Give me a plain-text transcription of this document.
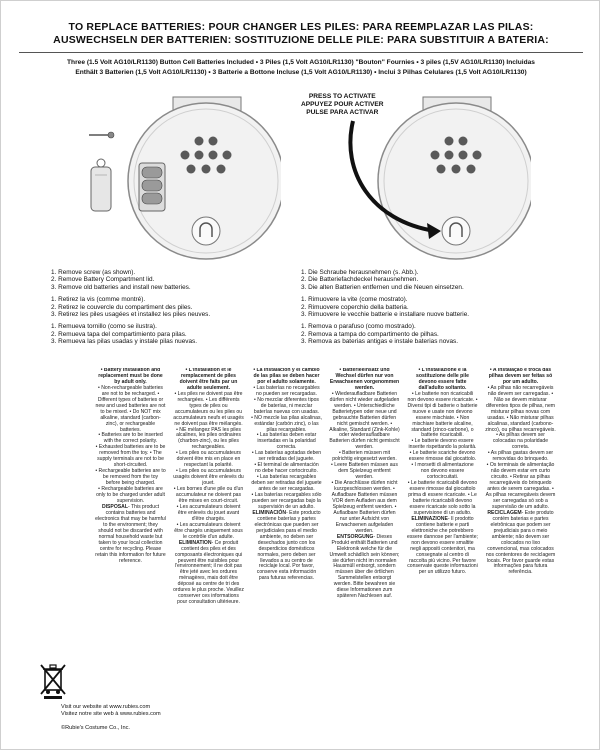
TO REPLACE BATTERIES: POUR CHANGER LES PILES: PARA REEMPLAZAR LAS PILAS:
AUSWECHSELN DER BATTERIEN: SOSTITUZIONE DELLE PILE: PARA SUBSTITUIR A BATERIA:
Three (1.5 Volt AG10/LR1130) Button Cell Batteries Included • 3 Piles (1,5 Volt AG10/LR1130) "Bouton" Fournies • 3 piles (1,5V AG10/LR1130) Incluidas
Enthält 3 Batterien (1,5 Volt AG10/LR1130) • 3 Batterie a Bottone Incluse (1,5 Volt AG10/LR1130) • Inclui 3 Pilhas Celulares (1,5 Volt AG10/LR1130)
PRESS TO ACTIVATE
APPUYEZ POUR ACTIVER
PULSE PARA ACTIVAR
1. Remove screw (as shown).
2. Remove Battery Compartment lid.
3. Remove old batteries and install new batteries.
1. Retirez la vis (comme montré).
2. Retirez le couvercle du compartiment des piles.
3. Retirez les piles usagées et installez les piles neuves.
1. Remueva tornillo (como se ilustra).
2. Remueva tapa del compartimiento para pilas.
3. Remueva las pilas usadas y instale pilas nuevas.
1. Die Schraube herausnehmen (s. Abb.).
2. Die Batteriefachdeckel herausnehmen.
3. Die alten Batterien entfernen und die Neuen einsetzen.
1. Rimuovere la vite (come mostrato).
2. Rimuovere coperchio della batteria.
3. Rimuovere le vecchie batterie e installare nuove batterie.
1. Remova o parafuso (como mostrado).
2. Remova a tampa do compartimento de pilhas.
3. Remova as baterias antigas e instale baterias novas.
• Battery Installation and replacement must be done by adult only.
• Non-rechargeable batteries are not to be recharged. • Different types of batteries or new and used batteries are not to be mixed. • Do NOT mix alkaline, standard (carbon-zinc), or rechargeable batteries.
• Batteries are to be inserted with the correct polarity.
• Exhausted batteries are to be removed from the toy. • The supply terminals are not to be short-circuited.
• Rechargeable batteries are to be removed from the toy before being charged.
• Rechargeable batteries are only to be charged under adult supervision.
DISPOSAL- This product contains batteries and electronics that may be harmful to the environment; they should not be discarded with normal household waste but taken to your local collection centre for recycling. Please retain this information for future reference.
• L'installation et le remplacement de piles doivent être faits par un adulte seulement.
• Les piles ne doivent pas être rechargées. • Les différents types de piles ou accumulateurs ou les piles ou accumulateurs neufs et usagés ne doivent pas être mélangés. • NE mélangez PAS les piles alcalines, les piles ordinaires (charbon-zinc), ou les piles rechargeables.
• Les piles ou accumulateurs doivent être mis en place en respectant la polarité.
• Les piles ou accumulateurs usagés doivent être enlevés du jouet.
• Les bornes d'une pile ou d'un accumulateur ne doivent pas être mises en court-circuit.
• Les accumulateurs doivent être enlevés du jouet avant d'être chargés.
• Les accumulateurs doivent être chargés uniquement sous le contrôle d'un adulte.
ELIMINATION- Ce produit contient des piles et des composants électroniques qui peuvent être nuisibles pour l'environnement; il ne doit pas être jeté avec les ordures ménagères, mais doit être déposé au centre de tri des ordures le plus proche. Veuillez conserver ces informations pour consultation ultérieure.
• La instalación y el cambio de las pilas se deben hacer por el adulto solamente.
• Las baterías no recargables no pueden ser recargadas.
• No mezclar diferentes tipos de baterías, ni mezclar baterías nuevas con usadas.
• NO mezcle las pilas alcalinas, estándar (carbón zinc), o las pilas recargables.
• Las baterías deben estar insertadas en la polaridad correcta.
• Las baterías agotadas deben ser retiradas del juguete.
• El terminal de alimentación no debe hacer cortocircuito.
• Las baterías recargables deben ser retiradas del juguete antes de ser recargadas.
• Las baterías recargables sólo pueden ser recargadas bajo la supervisión de un adulto.
ELIMINACIÓN- Este producto contiene baterías y partes electrónicas que pueden ser perjudiciales para el medio ambiente, no deben ser desechados junto con los desperdicios domésticos normales, pero deben ser llevados a su centro de reciclaje local. Por favor, conserve esta información para futuras referencias.
• Batterieeinsatz und Wechsel dürfen nur von Erwachsenen vorgenommen werden.
• Wiederaufladbare Batterien dürfen nicht wieder aufgeladen werden. • Unterschiedliche Batterietypen oder neue und gebrauchte Batterien dürfen nicht gemischt werden. • Alkaline, Standard (Zink-Kohle) oder wiederaufladbare Batterien dürfen nicht gemischt werden.
• Batterien müssen mit polrichtig eingesetzt werden.
• Leere Batterien müssen aus dem Spielzeug entfernt werden.
• Die Anschlüsse dürfen nicht kurzgeschlossen werden. • Aufladbare Batterien müssen VOR dem Aufladen aus dem Spielzeug entfernt werden. • Aufladbare Batterien dürfen nur unter Aufsicht von Erwachsenen aufgeladen werden.
ENTSORGUNG- Dieses Produkt enthält Batterien und Elektronik welche für die Umwelt schädlich sein können; sie dürfen nicht im normalen Hausmüll entsorgt, sondern müssen über die örtlichen Sammelstellen entsorgt werden. Bitte bewahren sie diese Informationen zum späteren Nachlesen auf.
• L'installazione e la sostituzione delle pile devono essere fatte dall'adulto soltanto.
• Le batterie non ricaricabili non devono essere ricaricate. • Diversi tipi di batterie o batterie nuove e usate non devono essere mischiate. • Non mischiare batterie alcaline, standard (zinco-carbone), o batterie ricaricabili.
• Le batterie devono essere inserite rispettando la polarità.
• Le batterie scariche devono essere rimosse dal giocattolo.
• I morsetti di alimentazione non devono essere cortocircuitati.
• Le batterie ricaricabili devono essere rimosse dal giocattolo prima di essere ricaricate. • Le batterie ricaricabili devono essere ricaricate solo sotto la supervisione di un adulto.
ELIMINAZIONE- Il prodotto contiene batterie e parti elettroniche che potrebbero essere dannose per l'ambiente; non devono essere smaltite negli appositi contenitori, ma consegnate al centro di raccolta più vicino. Per favore conservate queste informazioni per un utilizzo futuro.
• A instalação e troca das pilhas devem ser feitas só por um adulto.
• As pilhas não recarregáveis não devem ser carregadas. • Não se devem misturar diferentes tipos de pilhas, nem misturar pilhas novas com usadas. • Não misturar pilhas alcalinas, standard (carbono-zinco), ou pilhas recarregáveis.
• As pilhas devem ser colocadas na polaridade correta.
• As pilhas gastas devem ser removidas do brinquedo.
• Os terminais de alimentação não devem estar em curto circuito. • Retirar as pilhas recarregáveis do brinquedo antes de serem carregadas. • As pilhas recarregáveis devem ser carregadas só sob a supervisão de um adulto.
RECICLAGEM- Este produto contém baterias e partes eletrônicas que podem ser prejudiciais para o meio ambiente; não devem ser colocados no lixo convencional, mas colocados nos contentores de reciclagem locais. Por favor guarde estas informações para futura referência.
Visit our website at www.rubies.com
Visitez notre site web à www.rubies.com
©Rubie's Costume Co., Inc.
